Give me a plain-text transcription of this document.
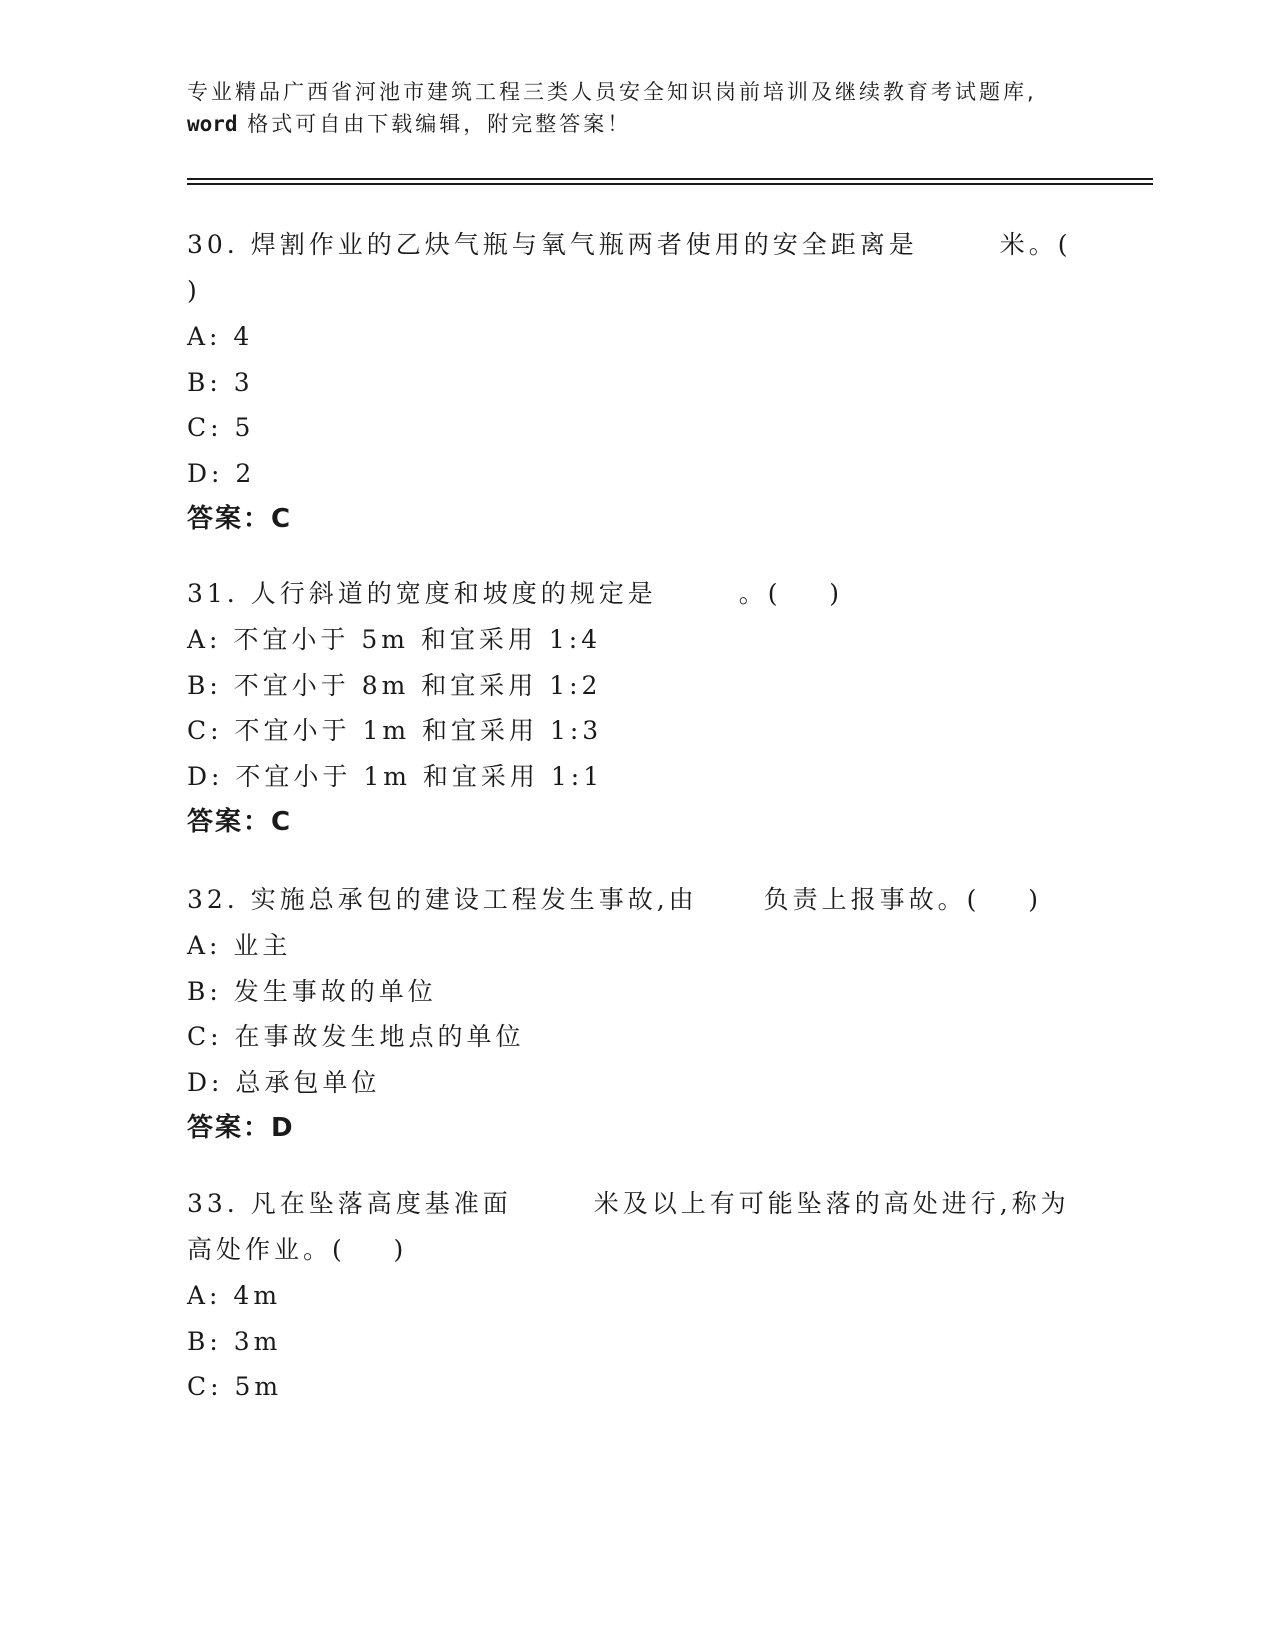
专业精品广西省河池市建筑工程三类人员安全知识岗前培训及继续教育考试题库,
word 格式可自由下载编辑，附完整答案！

30. 焊割作业的乙炔气瓶与氧气瓶两者使用的安全距离是	米。(
)

A: 4

B: 3

C: 5

D: 2

答案：C

31. 人行斜道的宽度和坡度的规定是	。(    )

A: 不宜小于 5m 和宜采用 1:4

B: 不宜小于 8m 和宜采用 1:2

C: 不宜小于 1m 和宜采用 1:3

D: 不宜小于 1m 和宜采用 1:1

答案：C

32. 实施总承包的建设工程发生事故,由	负责上报事故。(    )

A: 业主

B: 发生事故的单位

C: 在事故发生地点的单位

D: 总承包单位

答案：D

33. 凡在坠落高度基准面	米及以上有可能坠落的高处进行,称为
高处作业。(    )

A: 4m

B: 3m

C: 5m
